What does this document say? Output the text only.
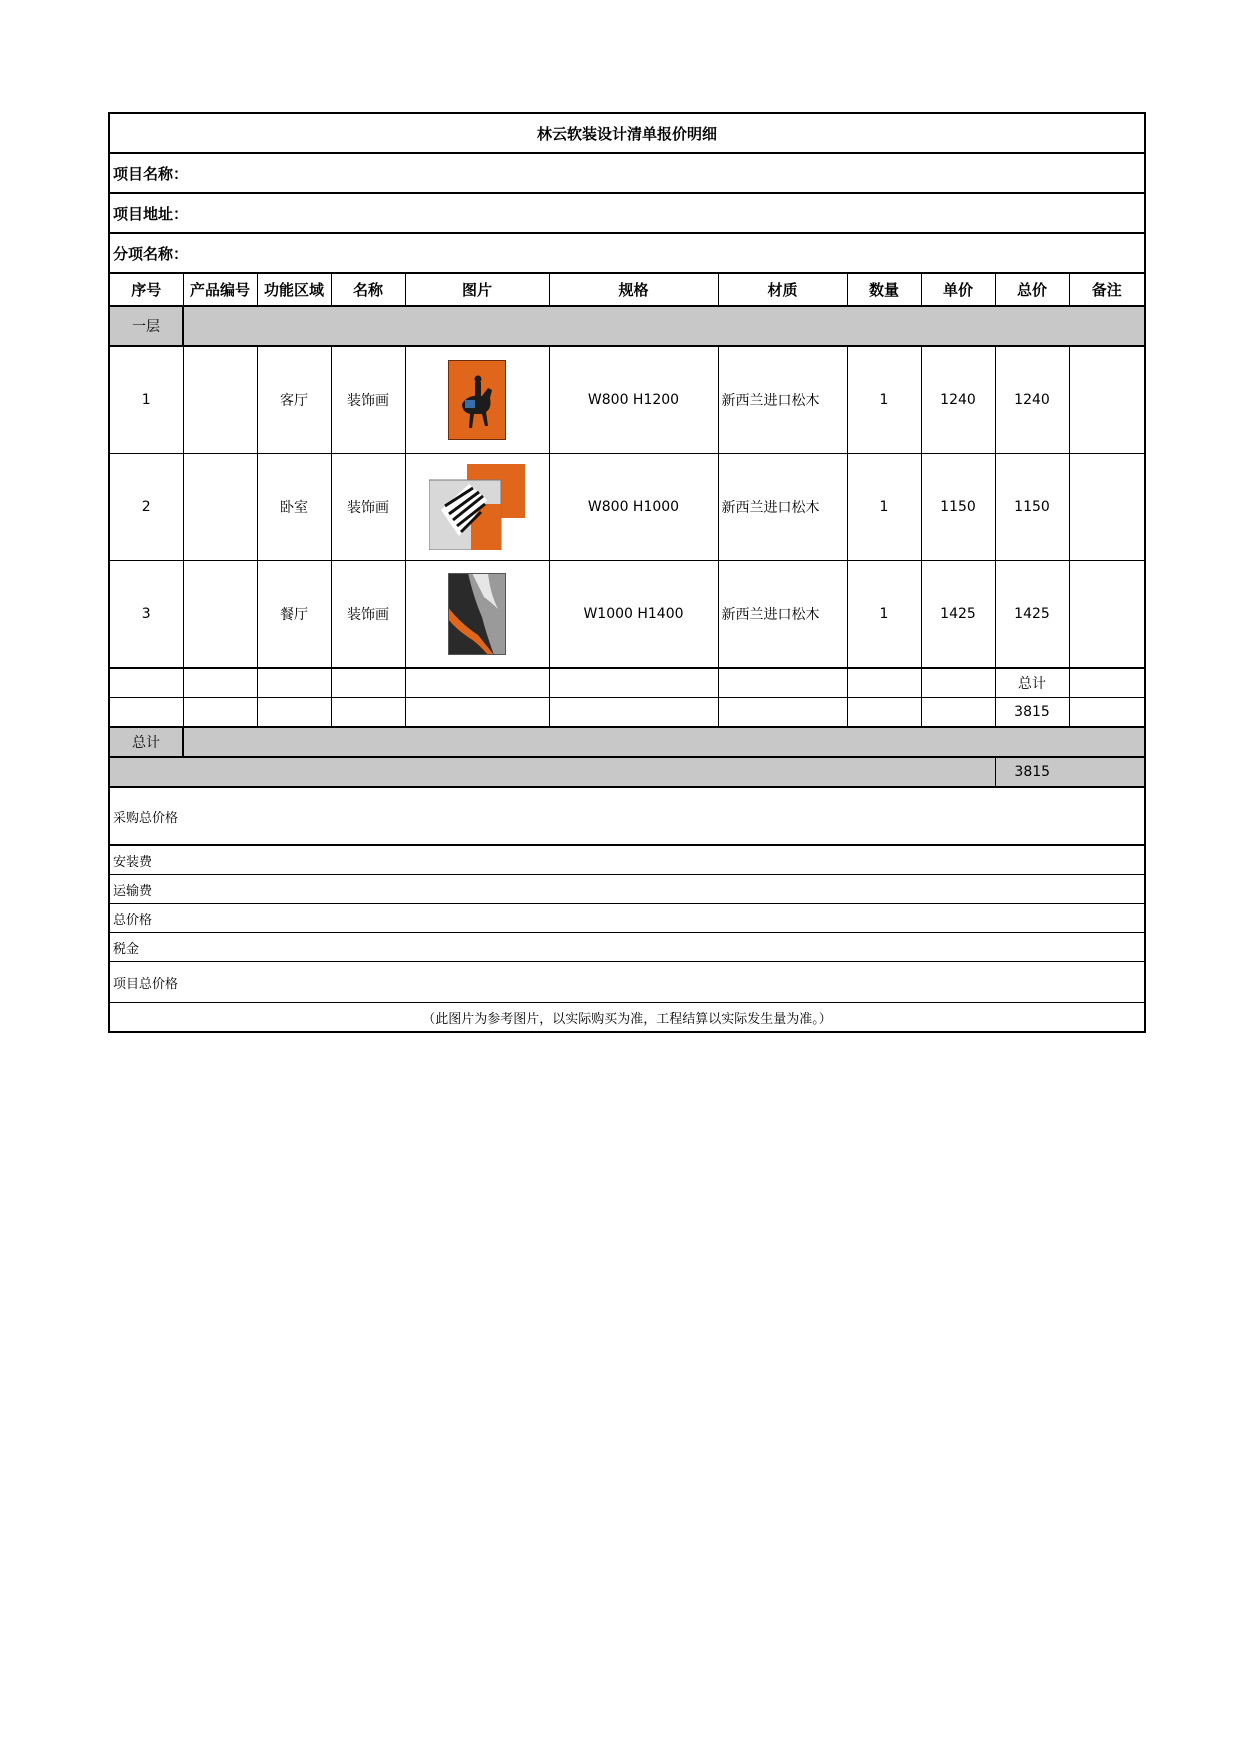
林云软装设计清单报价明细										
项目名称：										
项目地址：										
分项名称：										
序号	产品编号	功能区域	名称	图片	规格	材质	数量	单价	总价	备注
一层										
1		客厅	装饰画		W800 H1200	新西兰进口松木	1	1240	1240	
2		卧室	装饰画		W800 H1000	新西兰进口松木	1	1150	1150	
3		餐厅	装饰画		W1000 H1400	新西兰进口松木	1	1425	1425	
									总计	
									3815	
总计										
									3815	
采购总价格										
安装费										
运输费										
总价格										
税金										
项目总价格										
（此图片为参考图片，以实际购买为准，工程结算以实际发生量为准。）										
